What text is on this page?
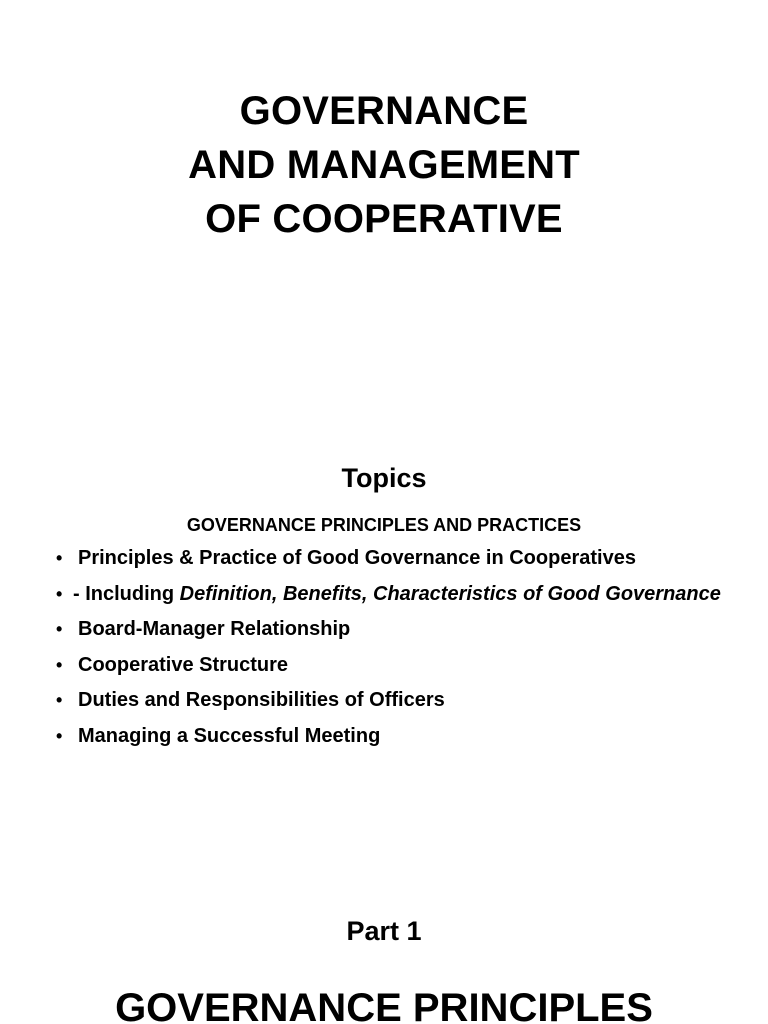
GOVERNANCE
AND MANAGEMENT
OF COOPERATIVE
Topics
GOVERNANCE PRINCIPLES AND PRACTICES
• Principles & Practice of Good Governance in Cooperatives
• - Including Definition, Benefits, Characteristics of Good Governance
• Board-Manager Relationship
• Cooperative Structure
• Duties and Responsibilities of Officers
• Managing a Successful Meeting
Part 1
GOVERNANCE PRINCIPLES
